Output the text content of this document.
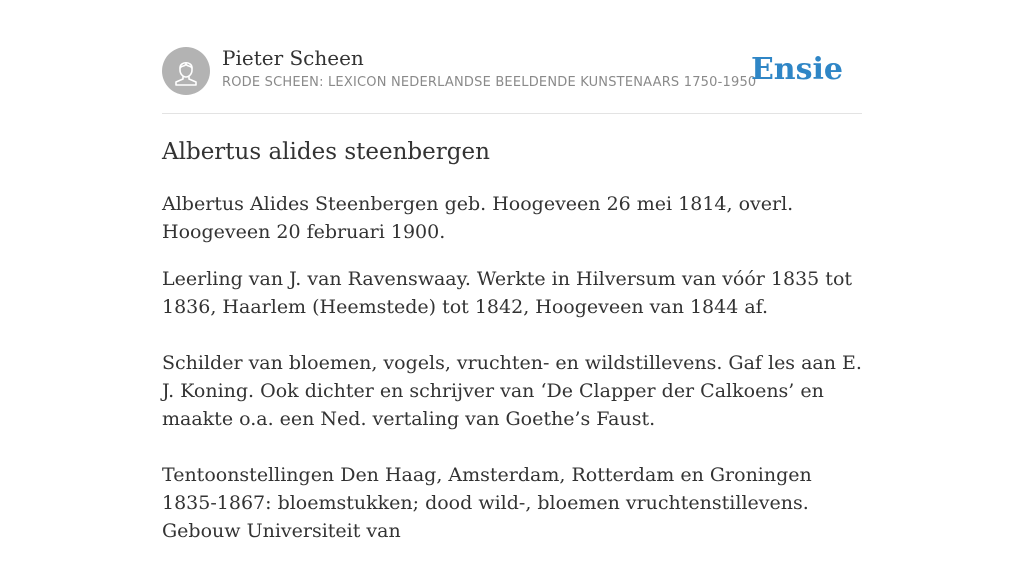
Pieter Scheen
RODE SCHEEN: LEXICON NEDERLANDSE BEELDENDE KUNSTENAARS 1750-1950
Ensie
Albertus alides steenbergen

Albertus Alides Steenbergen geb. Hoogeveen 26 mei 1814, overl. Hoogeveen 20 februari 1900.

Leerling van J. van Ravenswaay. Werkte in Hilversum van vóór 1835 tot 1836, Haarlem (Heemstede) tot 1842, Hoogeveen van 1844 af.

Schilder van bloemen, vogels, vruchten- en wildstillevens. Gaf les aan E. J. Koning. Ook dichter en schrijver van ‘De Clapper der Calkoens’ en maakte o.a. een Ned. vertaling van Goethe’s Faust.

Tentoonstellingen Den Haag, Amsterdam, Rotterdam en Groningen 1835-1867: bloemstukken; dood wild-, bloemen vruchtenstillevens. Gebouw Universiteit van
